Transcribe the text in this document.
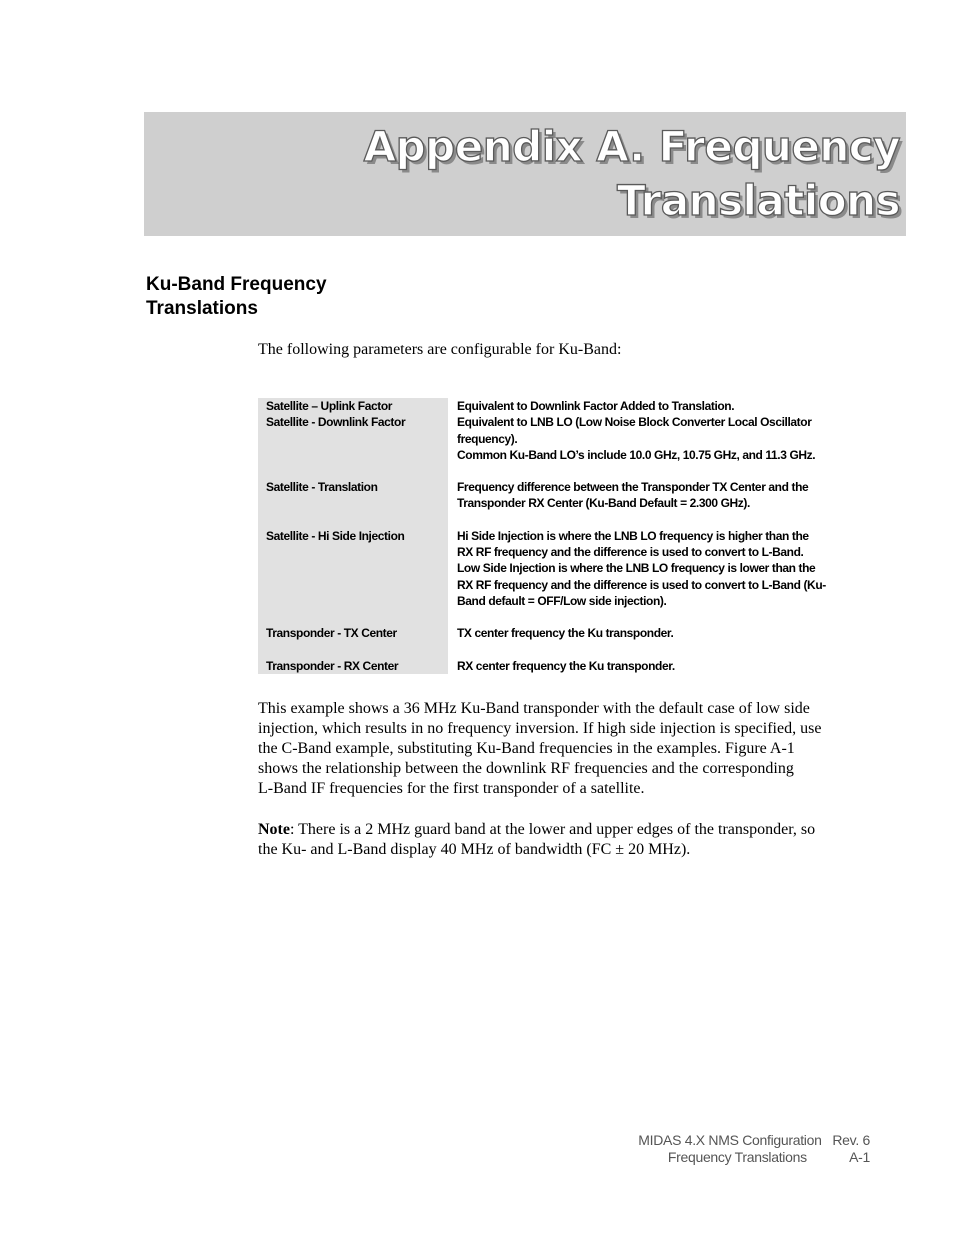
Appendix A. Frequency
Translations
Ku-Band Frequency
Translations

The following parameters are configurable for Ku-Band:

Satellite – Uplink Factor	Equivalent to Downlink Factor Added to Translation.

Satellite - Downlink Factor	Equivalent to LNB LO (Low Noise Block Converter Local Oscillator
frequency).
Common Ku-Band LO’s include 10.0 GHz, 10.75 GHz, and 11.3 GHz.

Satellite - Translation	Frequency difference between the Transponder TX Center and the
Transponder RX Center (Ku-Band Default = 2.300 GHz).

Satellite - Hi Side Injection	Hi Side Injection is where the LNB LO frequency is higher than the
RX RF frequency and the difference is used to convert to L-Band.
Low Side Injection is where the LNB LO frequency is lower than the
RX RF frequency and the difference is used to convert to L-Band (Ku-
Band default = OFF/Low side injection).

Transponder - TX Center	TX center frequency the Ku transponder.

Transponder - RX Center	RX center frequency the Ku transponder.

This example shows a 36 MHz Ku-Band transponder with the default case of low side
injection, which results in no frequency inversion. If high side injection is specified, use
the C-Band example, substituting Ku-Band frequencies in the examples. Figure A-1
shows the relationship between the downlink RF frequencies and the corresponding
L-Band IF frequencies for the first transponder of a satellite.

Note: There is a 2 MHz guard band at the lower and upper edges of the transponder, so
the Ku- and L-Band display 40 MHz of bandwidth (FC ± 20 MHz).

MIDAS 4.X NMS Configuration Rev. 6
Frequency Translations	A-1
